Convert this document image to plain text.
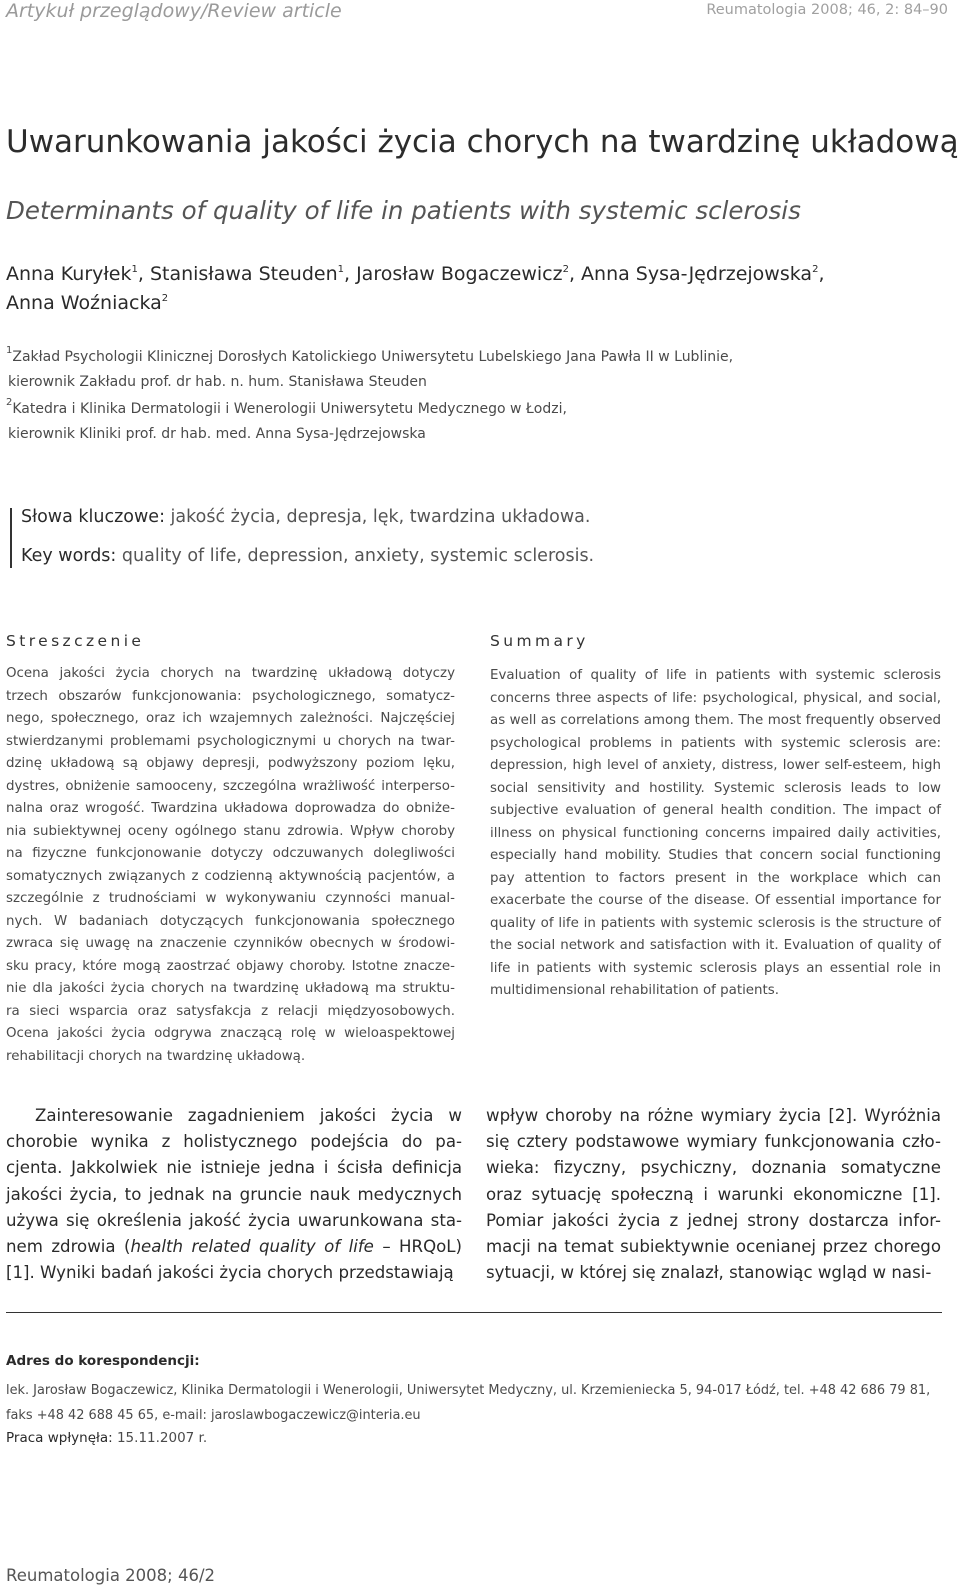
Artykuł przeglądowy/Review article	Reumatologia 2008; 46, 2: 84–90
Uwarunkowania jakości życia chorych na twardzinę układową
Determinants of quality of life in patients with systemic sclerosis
Anna Kuryłek$^1$, Stanisława Steuden$^1$, Jarosław Bogaczewicz$^2$, Anna Sysa-Jędrzejowska$^2$,
Anna Woźniacka$^2$
$^1$Zakład Psychologii Klinicznej Dorosłych Katolickiego Uniwersytetu Lubelskiego Jana Pawła II w Lublinie,
kierownik Zakładu prof. dr hab. n. hum. Stanisława Steuden
$^2$Katedra i Klinika Dermatologii i Wenerologii Uniwersytetu Medycznego w Łodzi,
kierownik Kliniki prof. dr hab. med. Anna Sysa-Jędrzejowska
Słowa kluczowe: jakość życia, depresja, lęk, twardzina układowa.
Key words: quality of life, depression, anxiety, systemic sclerosis.
Streszczenie	Summary
Ocena jakości życia chorych na twardzinę układową dotyczy trzech obszarów funkcjonowania: psychologicznego, somatycz- nego, społecznego, oraz ich wzajemnych zależności. Najczęściej stwierdzanymi problemami psychologicznymi u chorych na twar- dzinę układową są objawy depresji, podwyższony poziom lęku, dystres, obniżenie samooceny, szczególna wrażliwość interperso- nalna oraz wrogość. Twardzina układowa doprowadza do obniże- nia subiektywnej oceny ogólnego stanu zdrowia. Wpływ choroby na fizyczne funkcjonowanie dotyczy odczuwanych dolegliwości somatycznych związanych z codzienną aktywnością pacjentów, a szczególnie z trudnościami w wykonywaniu czynności manual- nych. W badaniach dotyczących funkcjonowania społecznego zwraca się uwagę na znaczenie czynników obecnych w środowi- sku pracy, które mogą zaostrzać objawy choroby. Istotne znacze- nie dla jakości życia chorych na twardzinę układową ma struktu- ra sieci wsparcia oraz satysfakcja z relacji międzyosobowych. Ocena jakości życia odgrywa znaczącą rolę w wieloaspektowej rehabilitacji chorych na twardzinę układową.
Evaluation of quality of life in patients with systemic sclerosis concerns three aspects of life: psychological, physical, and social, as well as correlations among them. The most frequently observed psychological problems in patients with systemic sclerosis are: depression, high level of anxiety, distress, lower self-esteem, high social sensitivity and hostility. Systemic sclerosis leads to low subjective evaluation of general health condition. The impact of illness on physical functioning concerns impaired daily activities, especially hand mobility. Studies that concern social functioning pay attention to factors present in the workplace which can exacerbate the course of the disease. Of essential importance for quality of life in patients with systemic sclerosis is the structure of the social network and satisfaction with it. Evaluation of quality of life in patients with systemic sclerosis plays an essential role in multidimensional rehabilitation of patients.
Zainteresowanie zagadnieniem jakości życia w chorobie wynika z holistycznego podejścia do pa- cjenta. Jakkolwiek nie istnieje jedna i ścisła definicja jakości życia, to jednak na gruncie nauk medycznych używa się określenia jakość życia uwarunkowana sta- nem zdrowia (health related quality of life – HRQoL) [1]. Wyniki badań jakości życia chorych przedstawiają
wpływ choroby na różne wymiary życia [2]. Wyróżnia się cztery podstawowe wymiary funkcjonowania czło- wieka: fizyczny, psychiczny, doznania somatyczne oraz sytuację społeczną i warunki ekonomiczne [1]. Pomiar jakości życia z jednej strony dostarcza infor- macji na temat subiektywnie ocenianej przez chorego sytuacji, w której się znalazł, stanowiąc wgląd w nasi-
Adres do korespondencji:
lek. Jarosław Bogaczewicz, Klinika Dermatologii i Wenerologii, Uniwersytet Medyczny, ul. Krzemieniecka 5, 94-017 Łódź, tel. +48 42 686 79 81,
faks +48 42 688 45 65, e-mail: jaroslawbogaczewicz@interia.eu
Praca wpłynęła: 15.11.2007 r.
Reumatologia 2008; 46/2
